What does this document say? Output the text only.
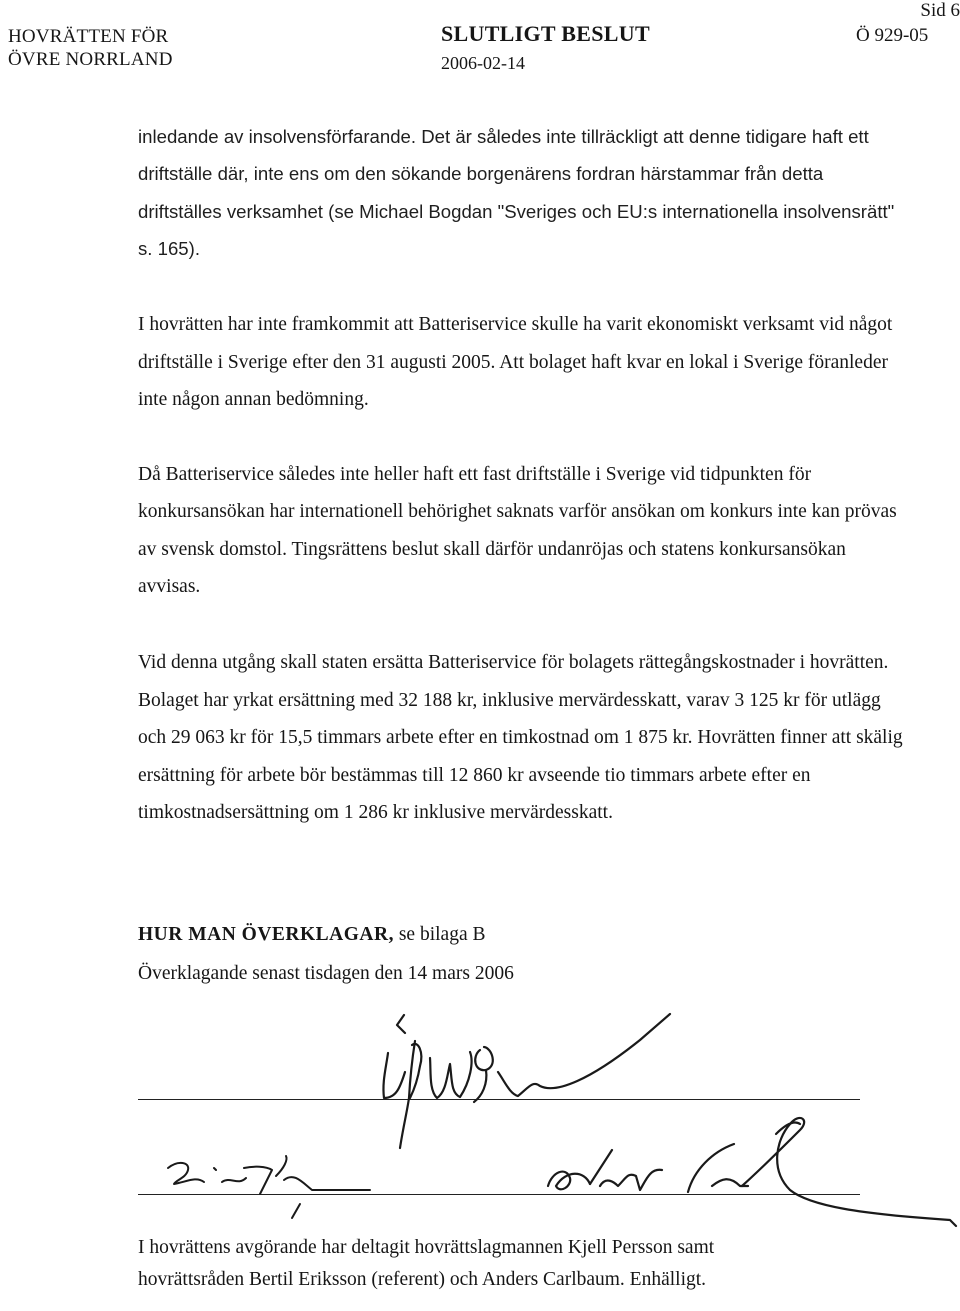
HOVRÄTTEN FÖR
ÖVRE NORRLAND
SLUTLIGT BESLUT
2006-02-14
Sid 6
Ö 929-05
inledande av insolvensförfarande. Det är således inte tillräckligt att denne tidigare haft ett driftställe där, inte ens om den sökande borgenärens fordran härstammar från detta driftställes verksamhet (se Michael Bogdan "Sveriges och EU:s internationella insolvensrätt" s. 165).
I hovrätten har inte framkommit att Batteriservice skulle ha varit ekonomiskt verksamt vid något driftställe i Sverige efter den 31 augusti 2005. Att bolaget haft kvar en lokal i Sverige föranleder inte någon annan bedömning.
Då Batteriservice således inte heller haft ett fast driftställe i Sverige vid tidpunkten för konkursansökan har internationell behörighet saknats varför ansökan om konkurs inte kan prövas av svensk domstol. Tingsrättens beslut skall därför undanröjas och statens konkursansökan avvisas.
Vid denna utgång skall staten ersätta Batteriservice för bolagets rättegångskostnader i hovrätten. Bolaget har yrkat ersättning med 32 188 kr, inklusive mervärdesskatt, varav 3 125 kr för utlägg och 29 063 kr för 15,5 timmars arbete efter en timkostnad om 1 875 kr. Hovrätten finner att skälig ersättning för arbete bör bestämmas till 12 860 kr avseende tio timmars arbete efter en timkostnadsersättning om 1 286 kr inklusive mervärdesskatt.
HUR MAN ÖVERKLAGAR, se bilaga B
Överklagande senast tisdagen den 14 mars 2006
I hovrättens avgörande har deltagit hovrättslagmannen Kjell Persson samt
hovrättsråden Bertil Eriksson (referent) och Anders Carlbaum. Enhälligt.
